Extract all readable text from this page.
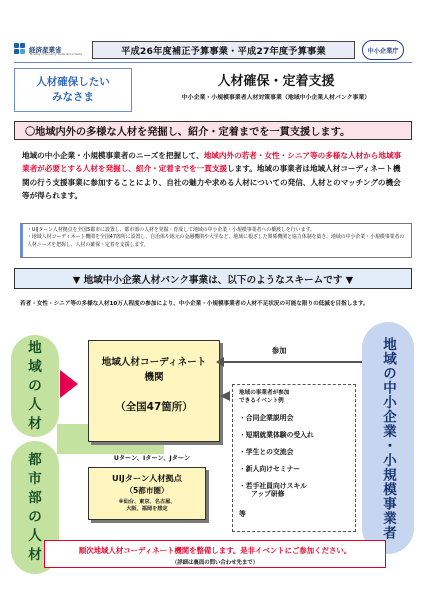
経済産業省
Ministry of Economy, Trade and Industry	平成26年度補正予算事業・平成27年度予算事業	中小企業庁
人材確保したい
みなさま
人材確保・定着支援
中小企業・小規模事業者人材対策事業（地域中小企業人材バンク事業）
〇地域内外の多様な人材を発掘し、紹介・定着までを一貫支援します。
地域の中小企業・小規模事業者のニーズを把握して、地域内外の若者・女性・シニア等の多様な人材から地域事業者が必要とする人材を発掘し、紹介・定着までを一貫支援します。地域の事業者は地域人材コーディネート機関の行う支援事業に参加することにより、自社の魅力や求める人材についての発信、人材とのマッチングの機会等が得られます。
・UIJターン人材拠点を全国5都市に設置し、都市部の人材を発掘・育成して地域の中小企業・小規模事業者への橋渡しを行います。
・地域人材コーディネート機関を全国47箇所に設置し、自治体や地元の金融機関や大学など、地域に根ざした関係機関と協力体制を築き、地域の中小企業・小規模事業者の人材ニーズを把握し、人材の確保・定着を支援します。
▼ 地域中小企業人材バンク事業は、以下のようなスキームです ▼
若者・女性・シニア等の多様な人材10万人程度の参加により、中小企業・小規模事業者の人材不足状況の可能な限りの低減を目指します。
地
域
の
人
材
都
市
部
の
人
材
地域人材コーディネート
機関
（全国47箇所）
Uターン、Iターン、Jターン
UIJターン人材拠点
（5都市圏）
※仙台、東京、名古屋、
大阪、福岡を想定
参加
地域の事業者が参加
できるイベント例
・合同企業説明会
・短期就業体験の受入れ
・学生との交流会
・新人向けセミナー
・若手社員向けスキル
アップ研修
等	地域の中小企業・小規模事業者
順次地域人材コーディネート機関を整備します。是非イベントにご参加ください。
（詳細は裏面の問い合わせ先まで）
